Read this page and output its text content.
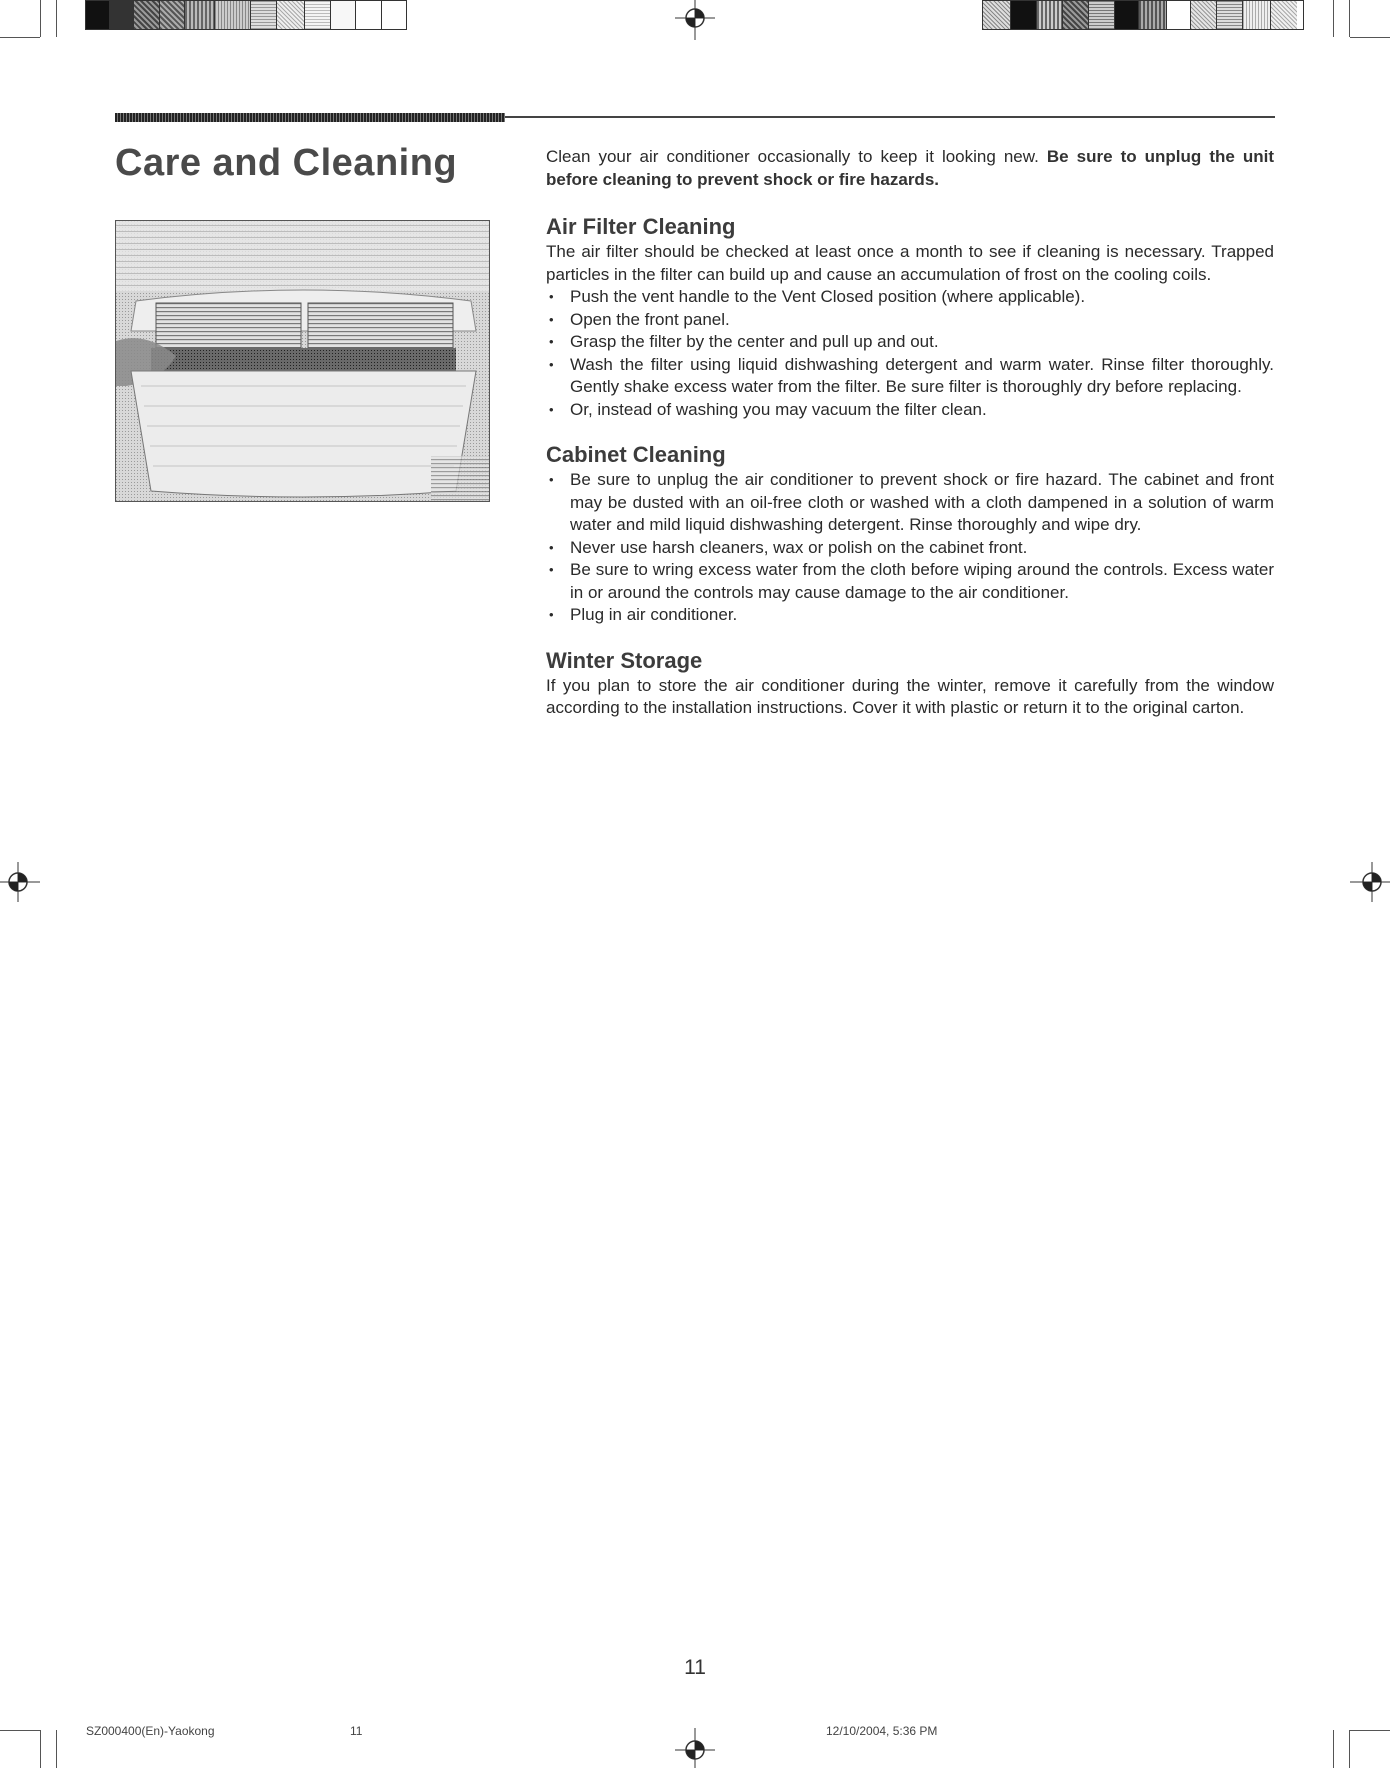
Care and Cleaning	Clean your air conditioner occasionally to keep it looking new. Be sure to unplug the unit before cleaning to prevent shock or fire hazards.

Air Filter Cleaning

The air filter should be checked at least once a month to see if cleaning is necessary. Trapped particles in the filter can build up and cause an accumulation of frost on the cooling coils.

• Push the vent handle to the Vent Closed position (where applicable).
• Open the front panel.
• Grasp the filter by the center and pull up and out.
• Wash the filter using liquid dishwashing detergent and warm water. Rinse filter thoroughly. Gently shake excess water from the filter. Be sure filter is thoroughly dry before replacing.
• Or, instead of washing you may vacuum the filter clean.
Cabinet Cleaning
• Be sure to unplug the air conditioner to prevent shock or fire hazard. The cabinet and front may be dusted with an oil-free cloth or washed with a cloth dampened in a solution of warm water and mild liquid dishwashing detergent. Rinse thoroughly and wipe dry.
• Never use harsh cleaners, wax or polish on the cabinet front.
• Be sure to wring excess water from the cloth before wiping around the controls. Excess water in or around the controls may cause damage to the air conditioner.
• Plug in air conditioner.
Winter Storage

If you plan to store the air conditioner during the winter, remove it carefully from the window according to the installation instructions. Cover it with plastic or return it to the original carton.

11
SZ000400(En)-Yaokong	11	12/10/2004, 5:36 PM
